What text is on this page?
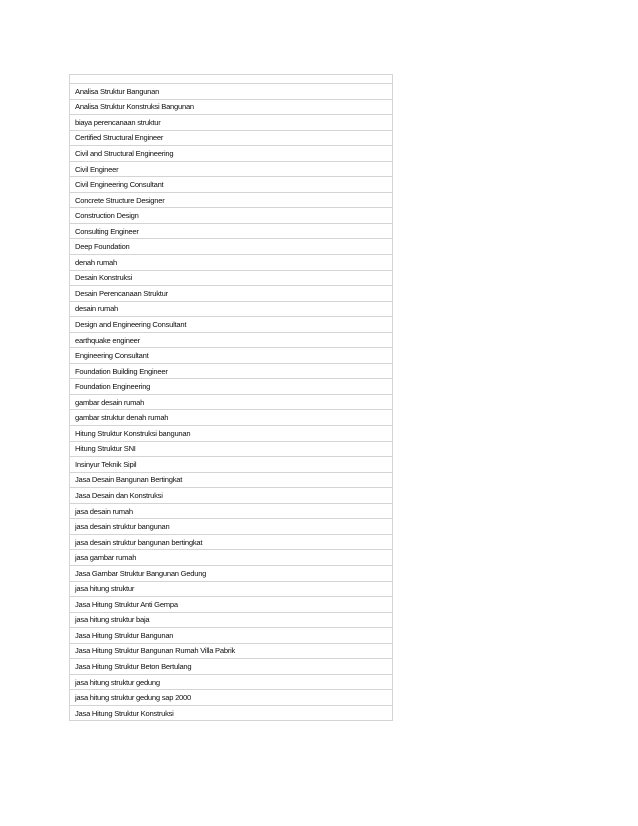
Analisa Struktur Bangunan
Analisa Struktur Konstruksi Bangunan
biaya perencanaan struktur
Certified Structural Engineer
Civil and Structural Engineering
Civil Engineer
Civil Engineering Consultant
Concrete Structure Designer
Construction Design
Consulting Engineer
Deep Foundation
denah rumah
Desain Konstruksi
Desain Perencanaan Struktur
desain rumah
Design and Engineering Consultant
earthquake engineer
Engineering Consultant
Foundation Building Engineer
Foundation Engineering
gambar desain rumah
gambar struktur denah rumah
Hitung Struktur Konstruksi bangunan
Hitung Struktur SNI
Insinyur Teknik Sipil
Jasa Desain Bangunan Bertingkat
Jasa Desain dan Konstruksi
jasa desain rumah
jasa desain struktur bangunan
jasa desain struktur bangunan bertingkat
jasa gambar rumah
Jasa Gambar Struktur Bangunan Gedung
jasa hitung struktur
Jasa Hitung Struktur Anti Gempa
jasa hitung struktur baja
Jasa Hitung Struktur Bangunan
Jasa Hitung Struktur Bangunan Rumah Villa Pabrik
Jasa Hitung Struktur Beton Bertulang
jasa hitung struktur gedung
jasa hitung struktur gedung sap 2000
Jasa Hitung Struktur Konstruksi
